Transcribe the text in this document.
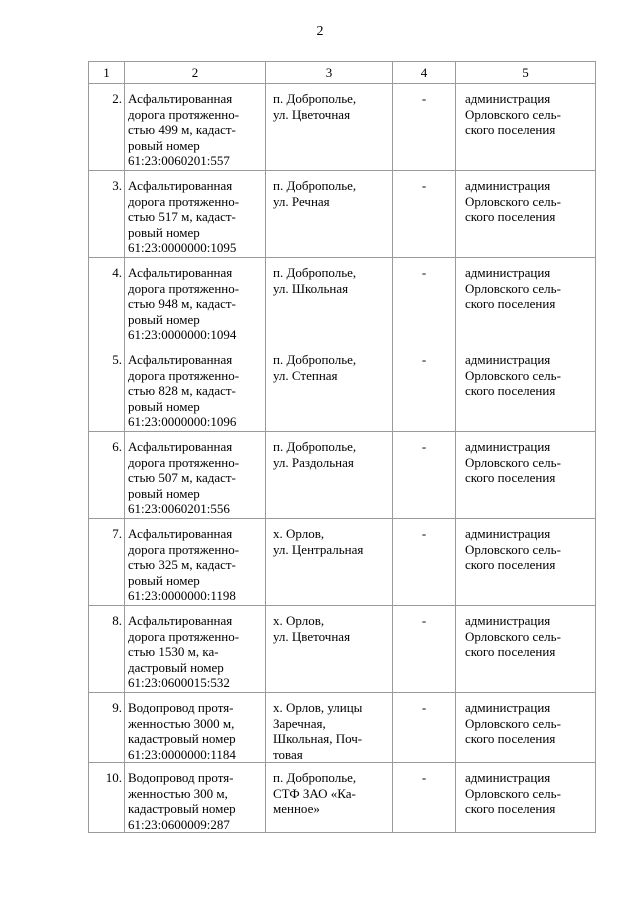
2
1	2	3	4	5
2.	Асфальтированная
дорога протяженно-
стью 499 м, кадаст-
ровый номер
61:23:0060201:557	п. Доброполье,
ул. Цветочная	-	администрация
Орловского сель-
ского поселения
3.	Асфальтированная
дорога протяженно-
стью 517 м, кадаст-
ровый номер
61:23:0000000:1095	п. Доброполье,
ул. Речная	-	администрация
Орловского сель-
ского поселения
4.	Асфальтированная
дорога протяженно-
стью 948 м, кадаст-
ровый номер
61:23:0000000:1094	п. Доброполье,
ул. Школьная	-	администрация
Орловского сель-
ского поселения
5.	Асфальтированная
дорога протяженно-
стью 828 м, кадаст-
ровый номер
61:23:0000000:1096	п. Доброполье,
ул. Степная	-	администрация
Орловского сель-
ского поселения
6.	Асфальтированная
дорога протяженно-
стью 507 м, кадаст-
ровый номер
61:23:0060201:556	п. Доброполье,
ул. Раздольная	-	администрация
Орловского сель-
ского поселения
7.	Асфальтированная
дорога протяженно-
стью 325 м, кадаст-
ровый номер
61:23:0000000:1198	х. Орлов,
ул. Центральная	-	администрация
Орловского сель-
ского поселения
8.	Асфальтированная
дорога протяженно-
стью 1530 м, ка-
дастровый номер
61:23:0600015:532	х. Орлов,
ул. Цветочная	-	администрация
Орловского сель-
ского поселения
9.	Водопровод протя-
женностью 3000 м,
кадастровый номер
61:23:0000000:1184	х. Орлов, улицы
Заречная,
Школьная, Поч-
товая	-	администрация
Орловского сель-
ского поселения
10.	Водопровод протя-
женностью 300 м,
кадастровый номер
61:23:0600009:287	п. Доброполье,
СТФ ЗАО «Ка-
менное»	-	администрация
Орловского сель-
ского поселения
